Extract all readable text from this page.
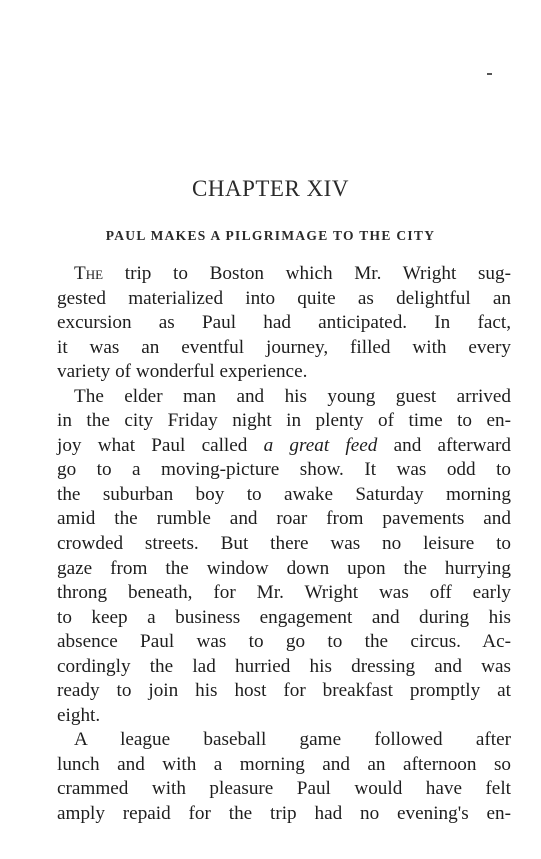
CHAPTER XIV
PAUL MAKES A PILGRIMAGE TO THE CITY
The trip to Boston which Mr. Wright sug-
gested materialized into quite as delightful an
excursion as Paul had anticipated. In fact,
it was an eventful journey, filled with every
variety of wonderful experience.
The elder man and his young guest arrived
in the city Friday night in plenty of time to en-
joy what Paul called a great feed and afterward
go to a moving-picture show. It was odd to
the suburban boy to awake Saturday morning
amid the rumble and roar from pavements and
crowded streets. But there was no leisure to
gaze from the window down upon the hurrying
throng beneath, for Mr. Wright was off early
to keep a business engagement and during his
absence Paul was to go to the circus. Ac-
cordingly the lad hurried his dressing and was
ready to join his host for breakfast promptly at
eight.
A league baseball game followed after
lunch and with a morning and an afternoon so
crammed with pleasure Paul would have felt
amply repaid for the trip had no evening's en-
